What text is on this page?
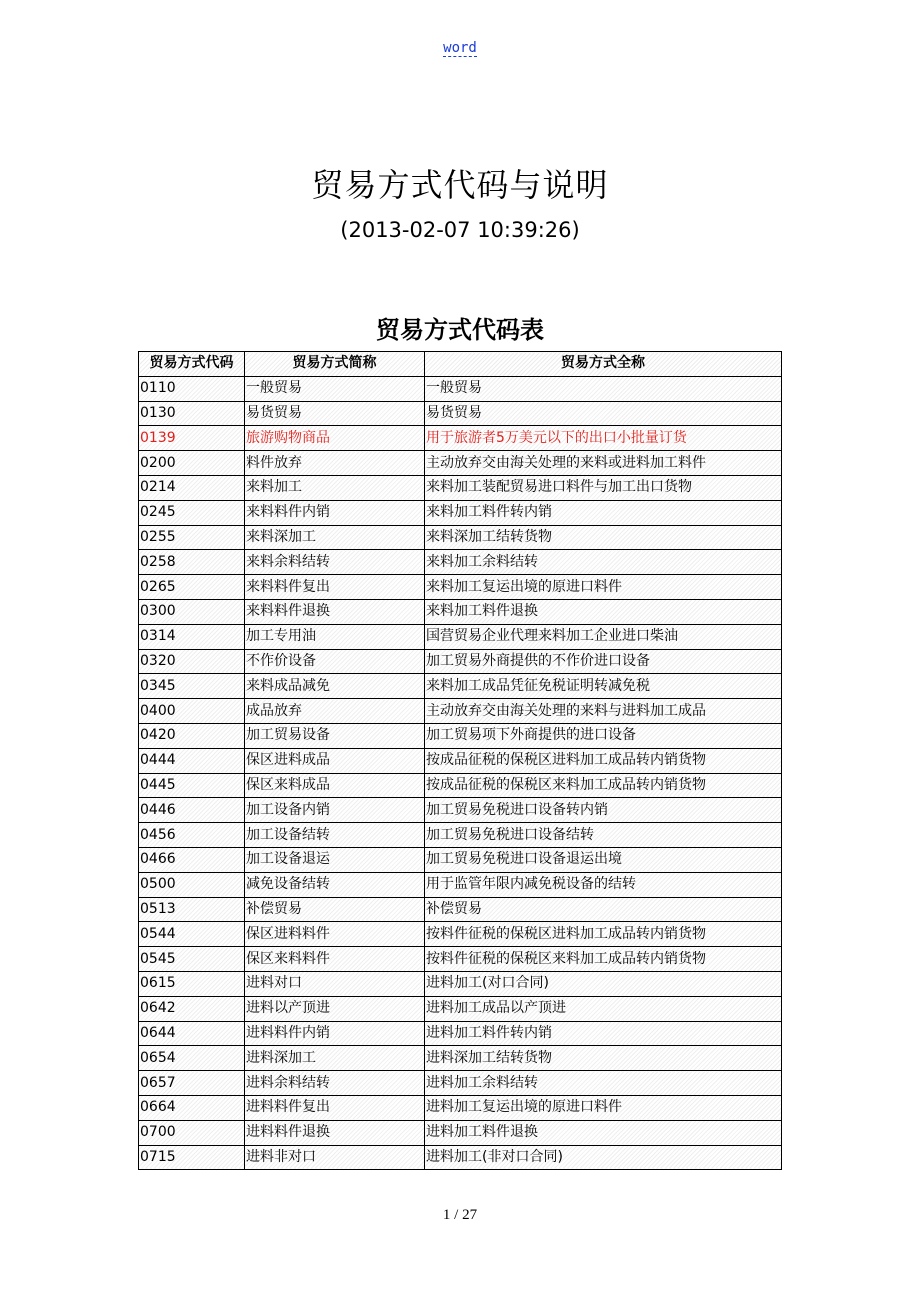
word
贸易方式代码与说明
(2013-02-07 10:39:26)
贸易方式代码表
贸易方式代码	贸易方式简称	贸易方式全称
0110	一般贸易	一般贸易
0130	易货贸易	易货贸易
0139	旅游购物商品	用于旅游者5万美元以下的出口小批量订货
0200	料件放弃	主动放弃交由海关处理的来料或进料加工料件
0214	来料加工	来料加工装配贸易进口料件与加工出口货物
0245	来料料件内销	来料加工料件转内销
0255	来料深加工	来料深加工结转货物
0258	来料余料结转	来料加工余料结转
0265	来料料件复出	来料加工复运出境的原进口料件
0300	来料料件退换	来料加工料件退换
0314	加工专用油	国营贸易企业代理来料加工企业进口柴油
0320	不作价设备	加工贸易外商提供的不作价进口设备
0345	来料成品减免	来料加工成品凭征免税证明转减免税
0400	成品放弃	主动放弃交由海关处理的来料与进料加工成品
0420	加工贸易设备	加工贸易项下外商提供的进口设备
0444	保区进料成品	按成品征税的保税区进料加工成品转内销货物
0445	保区来料成品	按成品征税的保税区来料加工成品转内销货物
0446	加工设备内销	加工贸易免税进口设备转内销
0456	加工设备结转	加工贸易免税进口设备结转
0466	加工设备退运	加工贸易免税进口设备退运出境
0500	减免设备结转	用于监管年限内减免税设备的结转
0513	补偿贸易	补偿贸易
0544	保区进料料件	按料件征税的保税区进料加工成品转内销货物
0545	保区来料料件	按料件征税的保税区来料加工成品转内销货物
0615	进料对口	进料加工(对口合同)
0642	进料以产顶进	进料加工成品以产顶进
0644	进料料件内销	进料加工料件转内销
0654	进料深加工	进料深加工结转货物
0657	进料余料结转	进料加工余料结转
0664	进料料件复出	进料加工复运出境的原进口料件
0700	进料料件退换	进料加工料件退换
0715	进料非对口	进料加工(非对口合同)
1 / 27
